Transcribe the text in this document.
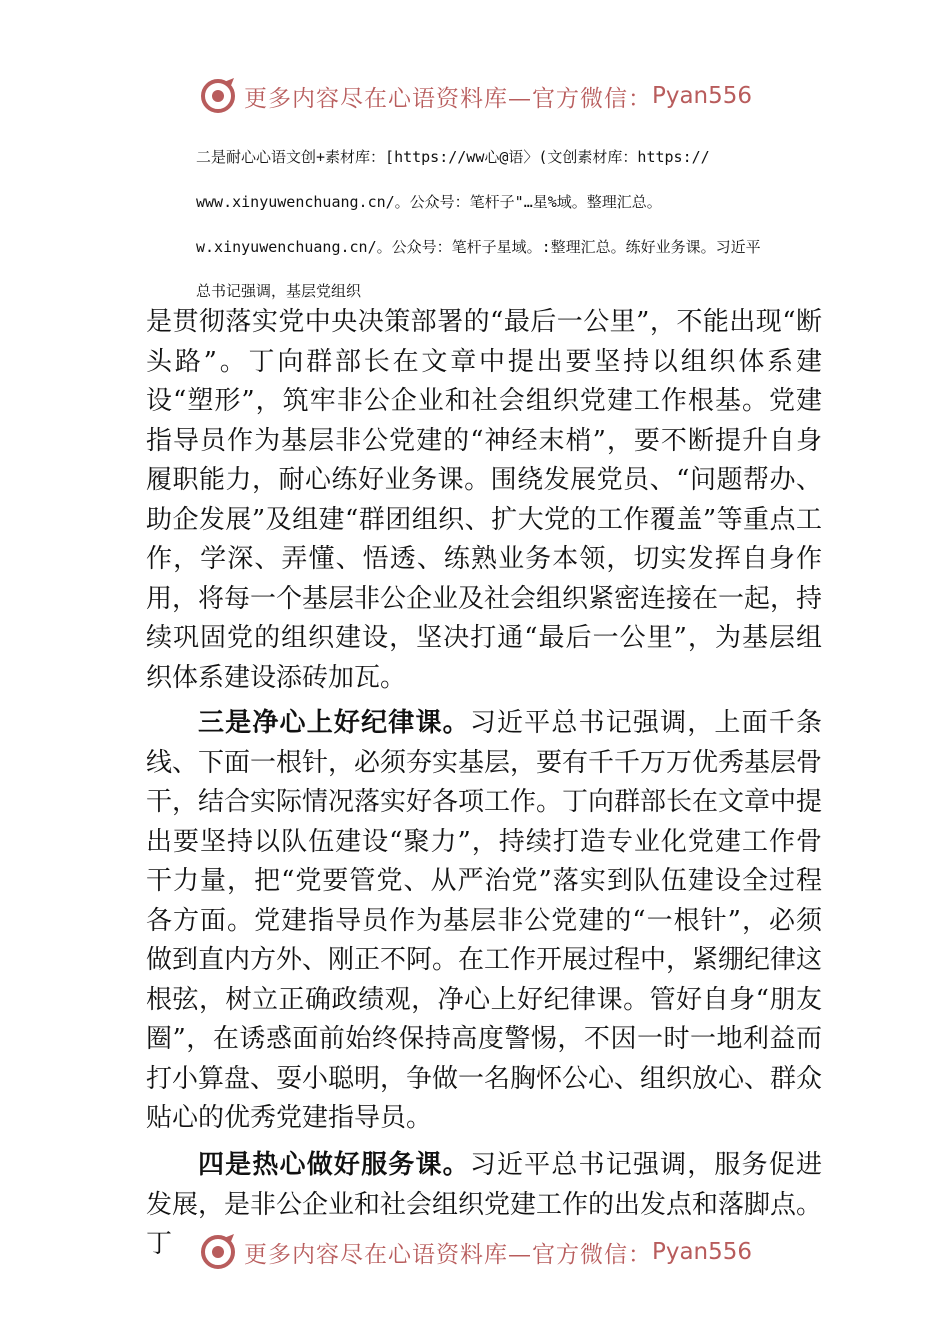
更多内容尽在心语资料库—官方微信： Pyan556
二是耐心心语文创+素材库：[https://ww心@语〉(文创素材库：https://
www.xinyuwenchuang.cn/。公众号：笔杆子"…星%域。整理汇总。
w.xinyuwenchuang.cn/。公众号：笔杆子星域。:整理汇总。练好业务课。习近平
总书记强调，基层党组织
是贯彻落实党中央决策部署的“最后一公里”，不能出现“断头路”。丁向群部长在文章中提出要坚持以组织体系建设“塑形”，筑牢非公企业和社会组织党建工作根基。党建指导员作为基层非公党建的“神经末梢”，要不断提升自身履职能力，耐心练好业务课。围绕发展党员、“问题帮办、助企发展”及组建“群团组织、扩大党的工作覆盖”等重点工作，学深、弄懂、悟透、练熟业务本领，切实发挥自身作用，将每一个基层非公企业及社会组织紧密连接在一起，持续巩固党的组织建设，坚决打通“最后一公里”，为基层组织体系建设添砖加瓦。
三是净心上好纪律课。习近平总书记强调，上面千条线、下面一根针，必须夯实基层，要有千千万万优秀基层骨干，结合实际情况落实好各项工作。丁向群部长在文章中提出要坚持以队伍建设“聚力”，持续打造专业化党建工作骨干力量，把“党要管党、从严治党”落实到队伍建设全过程各方面。党建指导员作为基层非公党建的“一根针”，必须做到直内方外、刚正不阿。在工作开展过程中，紧绷纪律这根弦，树立正确政绩观，净心上好纪律课。管好自身“朋友圈”，在诱惑面前始终保持高度警惕，不因一时一地利益而打小算盘、耍小聪明，争做一名胸怀公心、组织放心、群众贴心的优秀党建指导员。
四是热心做好服务课。习近平总书记强调，服务促进发展，是非公企业和社会组织党建工作的出发点和落脚点。丁	更多内容尽在心语资料库—官方微信： Pyan556
